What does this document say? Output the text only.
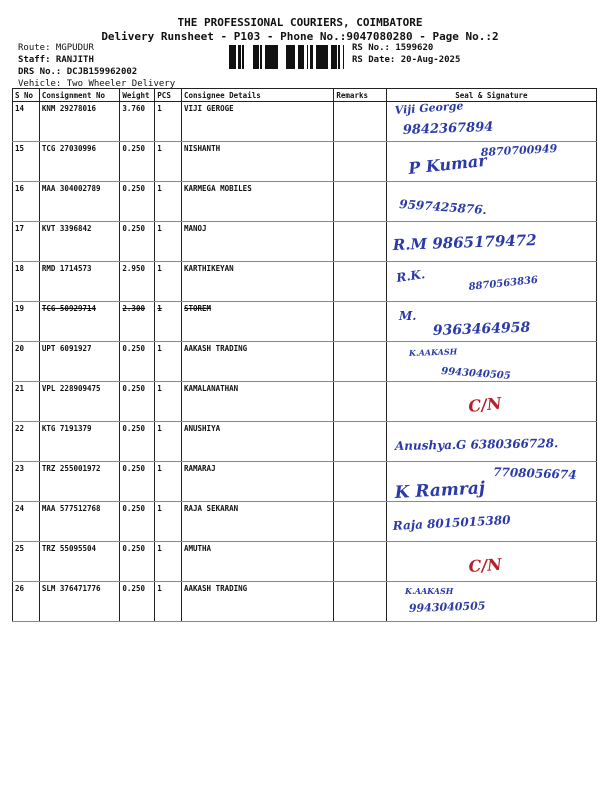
THE PROFESSIONAL COURIERS, COIMBATORE
Delivery Runsheet - P103 - Phone No.:9047080280 - Page No.:2
Route: MGPUDUR
Staff: RANJITH
DRS No.: DCJB159962002
Vehicle: Two Wheeler Delivery
RS No.: 1599620
RS Date: 20-Aug-2025
S No	Consignment No	Weight	PCS	Consignee Details	Remarks	Seal & Signature
14	KNM 29278016	3.760	1	VIJI GEROGE		Viji George
9842367894

15	TCG 27030996	0.250	1	NISHANTH		8870700949
P Kumar

16	MAA 304002789	0.250	1	KARMEGA MOBILES		9597425876.

17	KVT 3396842	0.250	1	MANOJ		R.M 9865179472

18	RMD 1714573	2.950	1	KARTHIKEYAN		R.K. 8870563836

19	TCG 50929714	2.300	1	STOREM		M.
9363464958

20	UPT 6091927	0.250	1	AAKASH TRADING		K.AAKASH
9943040505

21	VPL 228909475	0.250	1	KAMALANATHAN		C/N

22	KTG 7191379	0.250	1	ANUSHIYA		Anushya.G 6380366728.

23	TRZ 255001972	0.250	1	RAMARAJ		7708056674
K Ramraj

24	MAA 577512768	0.250	1	RAJA SEKARAN		Raja 8015015380

25	TRZ 55095504	0.250	1	AMUTHA		C/N

26	SLM 376471776	0.250	1	AAKASH TRADING		K.AAKASH
9943040505
